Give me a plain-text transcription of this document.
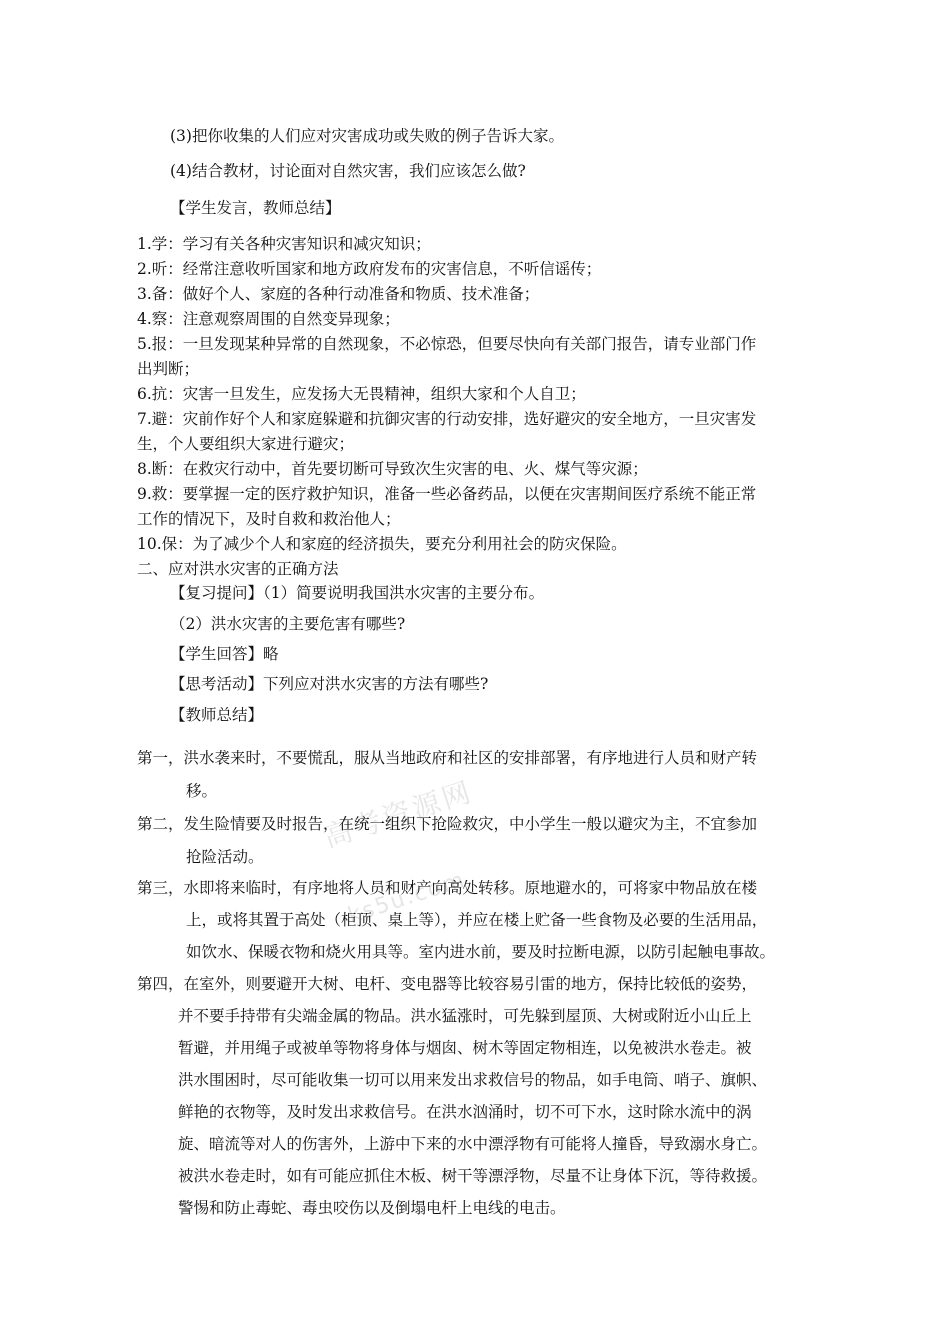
高考资源网
ks5u.com
(3)把你收集的人们应对灾害成功或失败的例子告诉大家。
(4)结合教材，讨论面对自然灾害，我们应该怎么做?
【学生发言，教师总结】
1.学：学习有关各种灾害知识和减灾知识；
2.听：经常注意收听国家和地方政府发布的灾害信息，不听信谣传；
3.备：做好个人、家庭的各种行动准备和物质、技术准备；
4.察：注意观察周围的自然变异现象；
5.报：一旦发现某种异常的自然现象，不必惊恐，但要尽快向有关部门报告，请专业部门作
出判断；
6.抗：灾害一旦发生，应发扬大无畏精神，组织大家和个人自卫；
7.避：灾前作好个人和家庭躲避和抗御灾害的行动安排，选好避灾的安全地方，一旦灾害发
生，个人要组织大家进行避灾；
8.断：在救灾行动中，首先要切断可导致次生灾害的电、火、煤气等灾源；
9.救：要掌握一定的医疗救护知识，准备一些必备药品，以便在灾害期间医疗系统不能正常
工作的情况下，及时自救和救治他人；
10.保：为了减少个人和家庭的经济损失，要充分利用社会的防灾保险。
二、应对洪水灾害的正确方法
【复习提问】（1）简要说明我国洪水灾害的主要分布。
（2）洪水灾害的主要危害有哪些?
【学生回答】略
【思考活动】下列应对洪水灾害的方法有哪些?
【教师总结】
第一，洪水袭来时，不要慌乱，服从当地政府和社区的安排部署，有序地进行人员和财产转
移。
第二，发生险情要及时报告，在统一组织下抢险救灾，中小学生一般以避灾为主，不宜参加
抢险活动。
第三，水即将来临时，有序地将人员和财产向高处转移。原地避水的，可将家中物品放在楼
上，或将其置于高处（柜顶、桌上等），并应在楼上贮备一些食物及必要的生活用品，
如饮水、保暖衣物和烧火用具等。室内进水前，要及时拉断电源，以防引起触电事故。
第四，在室外，则要避开大树、电杆、变电器等比较容易引雷的地方，保持比较低的姿势，
并不要手持带有尖端金属的物品。洪水猛涨时，可先躲到屋顶、大树或附近小山丘上
暂避，并用绳子或被单等物将身体与烟囱、树木等固定物相连，以免被洪水卷走。被
洪水围困时，尽可能收集一切可以用来发出求救信号的物品，如手电筒、哨子、旗帜、
鲜艳的衣物等，及时发出求救信号。在洪水汹涌时，切不可下水，这时除水流中的涡
旋、暗流等对人的伤害外，上游中下来的水中漂浮物有可能将人撞昏，导致溺水身亡。
被洪水卷走时，如有可能应抓住木板、树干等漂浮物，尽量不让身体下沉，等待救援。
警惕和防止毒蛇、毒虫咬伤以及倒塌电杆上电线的电击。
